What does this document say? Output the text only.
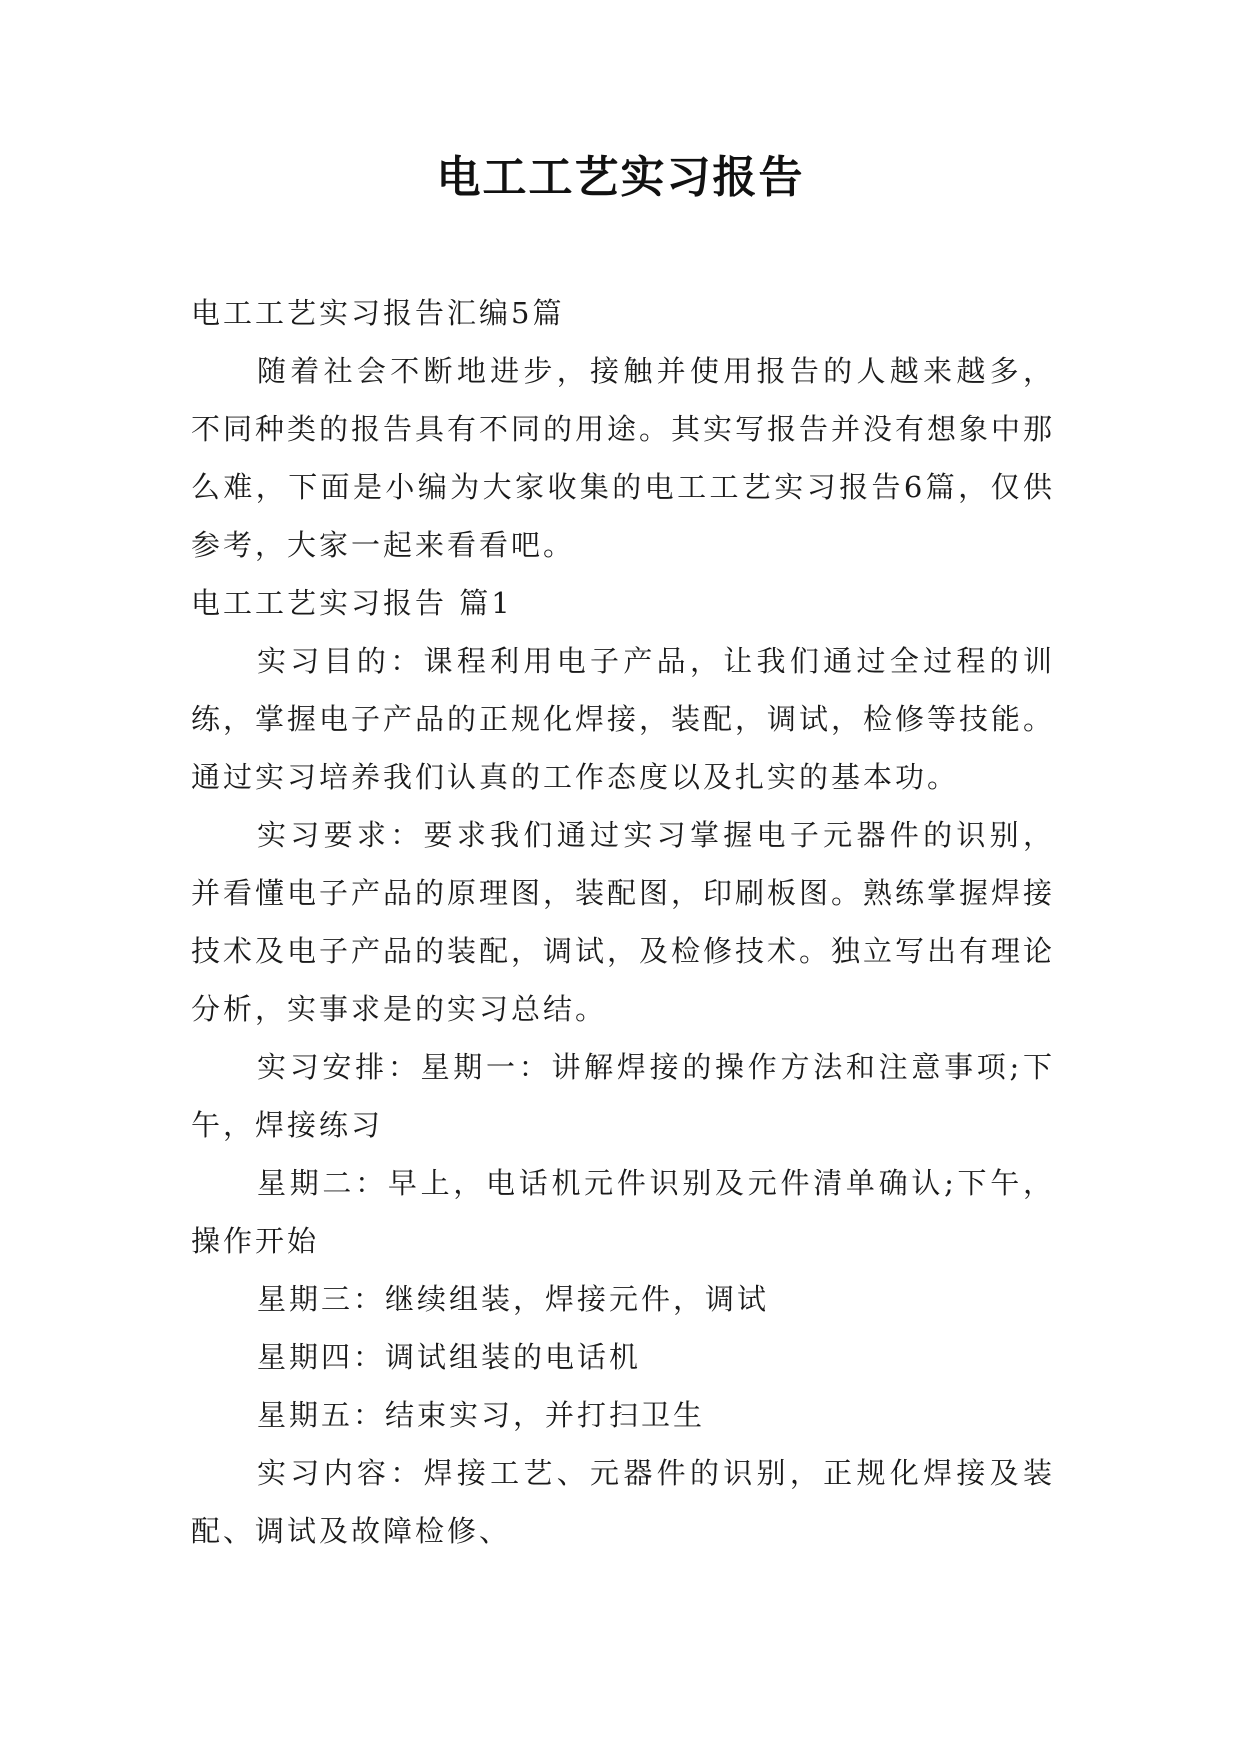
电工工艺实习报告

电工工艺实习报告汇编5篇

随着社会不断地进步，接触并使用报告的人越来越多，不同种类的报告具有不同的用途。其实写报告并没有想象中那么难，下面是小编为大家收集的电工工艺实习报告6篇，仅供参考，大家一起来看看吧。

电工工艺实习报告 篇1

实习目的：课程利用电子产品，让我们通过全过程的训练，掌握电子产品的正规化焊接，装配，调试，检修等技能。通过实习培养我们认真的工作态度以及扎实的基本功。

实习要求：要求我们通过实习掌握电子元器件的识别，并看懂电子产品的原理图，装配图，印刷板图。熟练掌握焊接技术及电子产品的装配，调试，及检修技术。独立写出有理论分析，实事求是的实习总结。

实习安排：星期一：讲解焊接的操作方法和注意事项;下午，焊接练习

星期二：早上，电话机元件识别及元件清单确认;下午，操作开始

星期三：继续组装，焊接元件，调试

星期四：调试组装的电话机

星期五：结束实习，并打扫卫生

实习内容：焊接工艺、元器件的识别，正规化焊接及装配、调试及故障检修、
